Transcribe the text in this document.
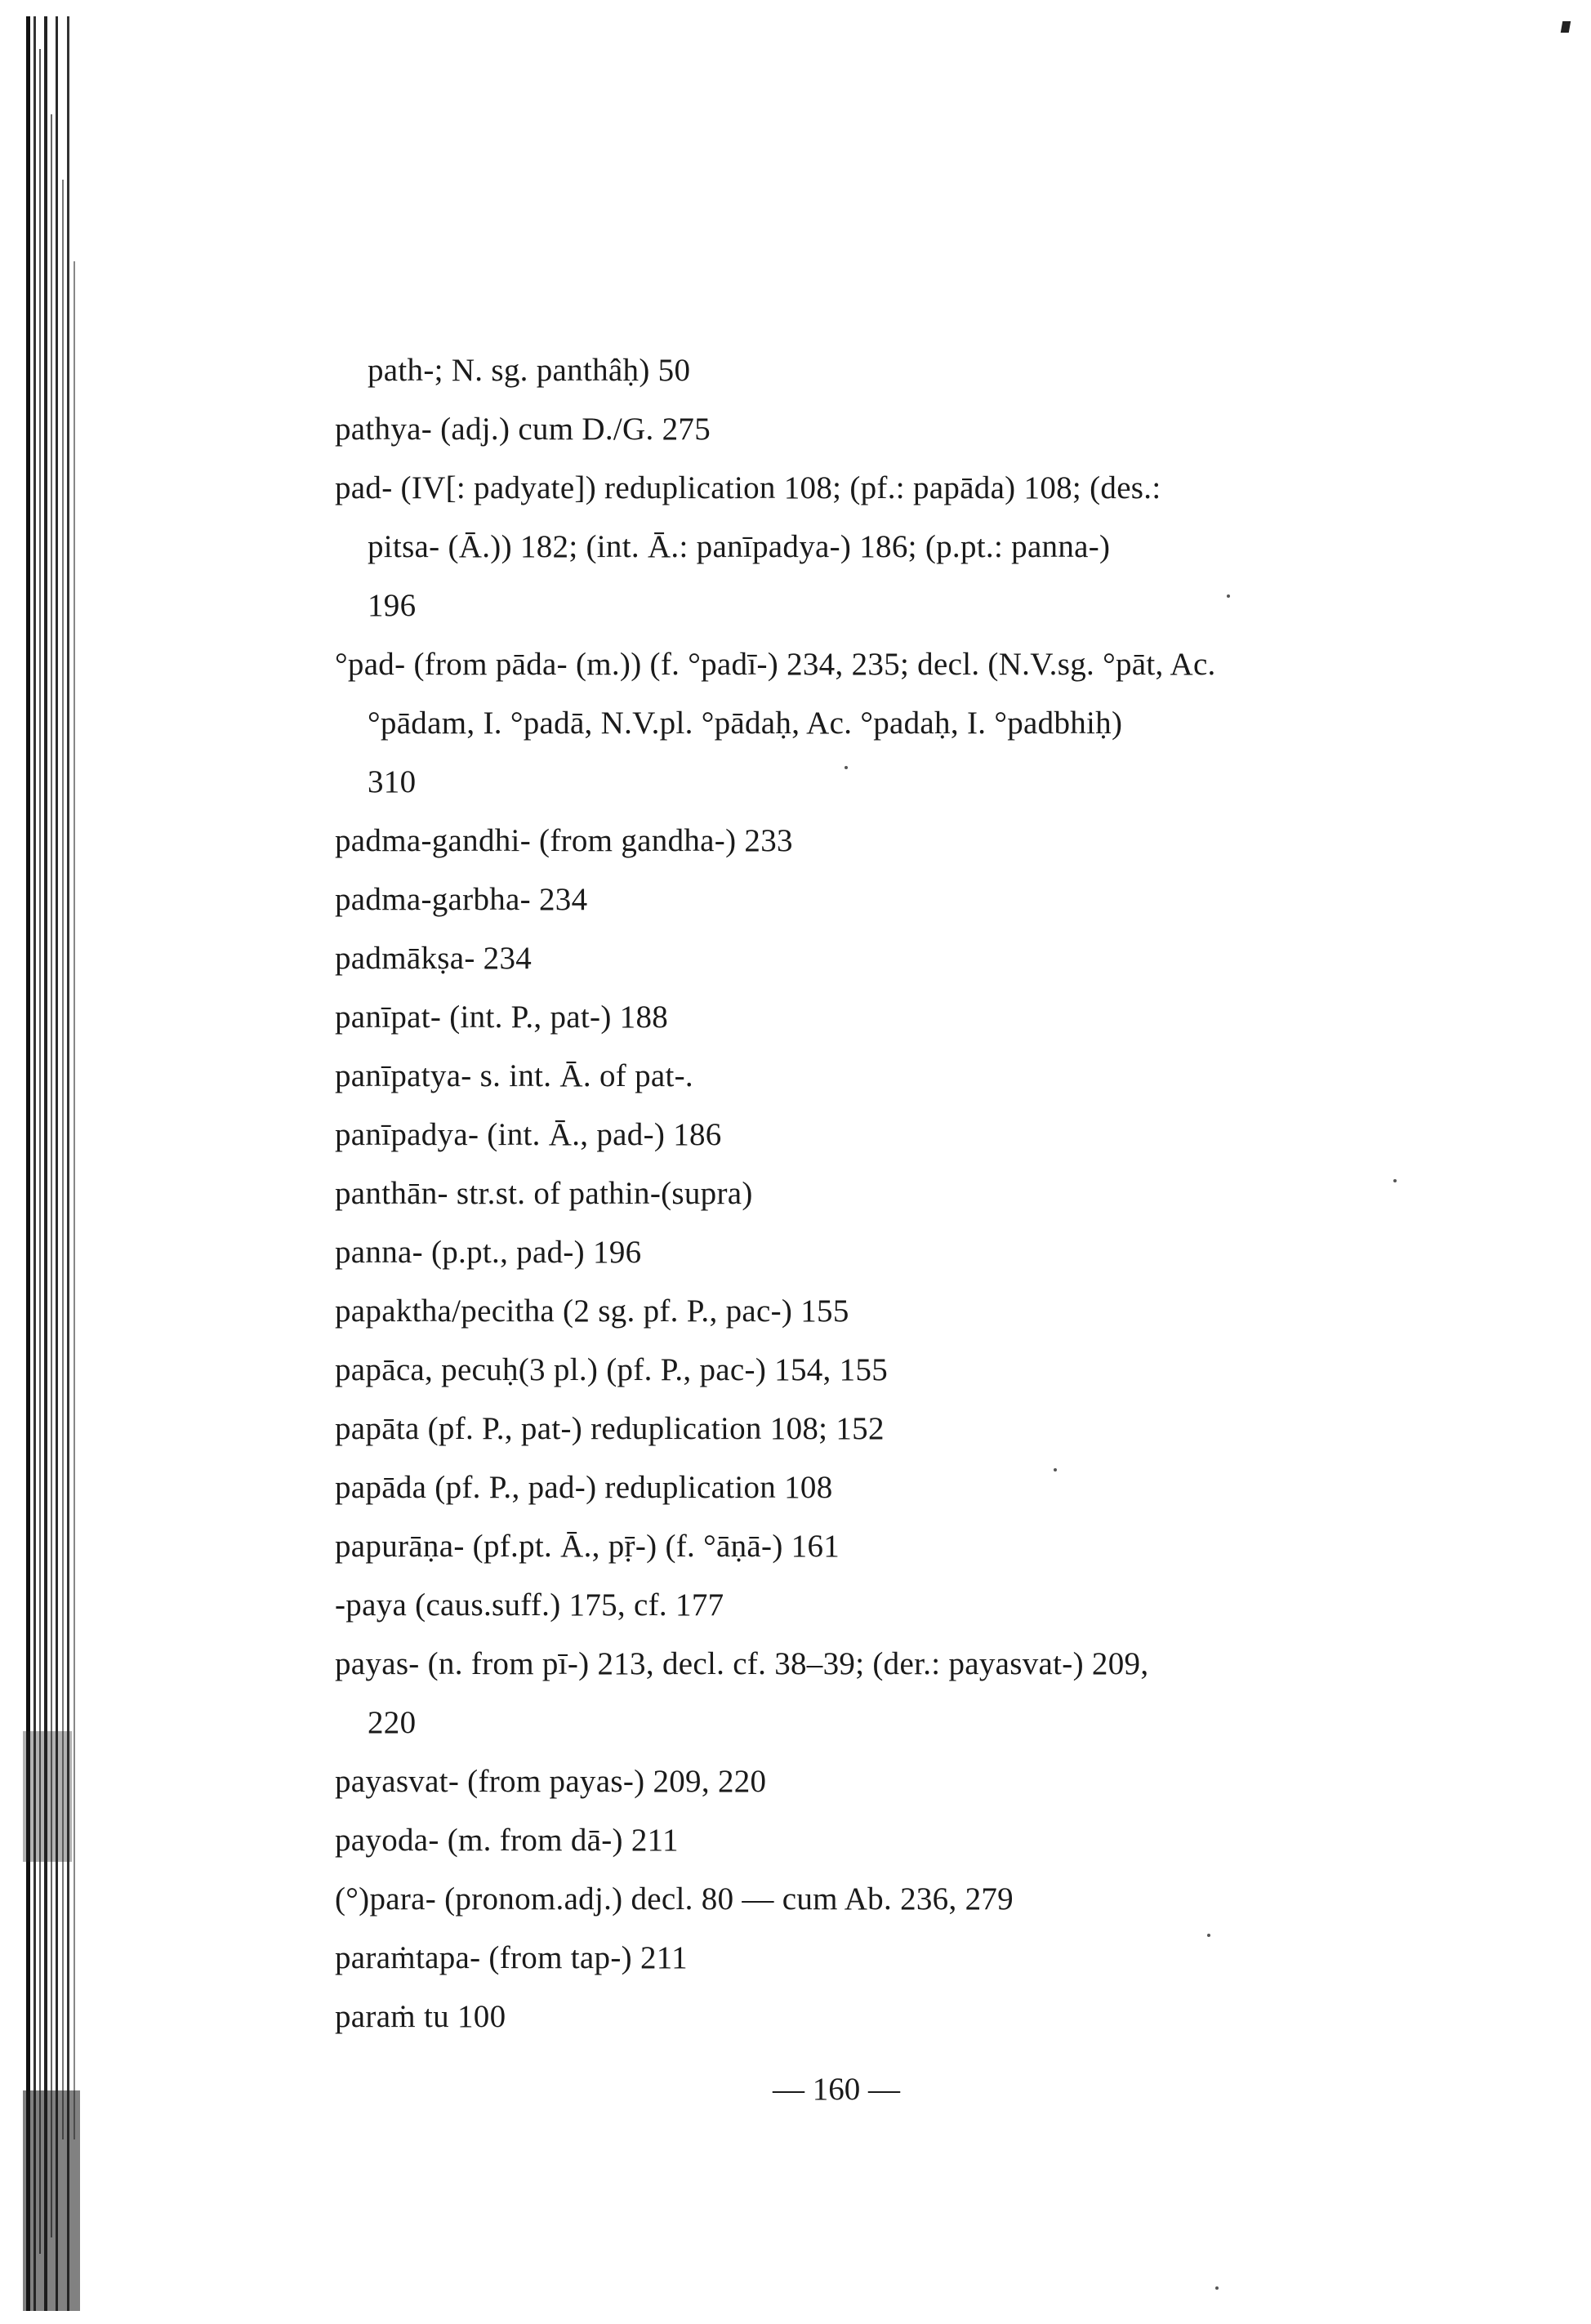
path-; N. sg. panthâḥ) 50
pathya- (adj.) cum D./G. 275
pad- (IV[: padyate]) reduplication 108; (pf.: papāda) 108; (des.:
pitsa- (Ā.)) 182; (int. Ā.: panīpadya-) 186; (p.pt.: panna-)
196
°pad- (from pāda- (m.)) (f. °padī-) 234, 235; decl. (N.V.sg. °pāt, Ac.
°pādam, I. °padā, N.V.pl. °pādaḥ, Ac. °padaḥ, I. °padbhiḥ)
310
padma-gandhi- (from gandha-) 233
padma-garbha- 234
padmākṣa- 234
panīpat- (int. P., pat-) 188
panīpatya- s. int. Ā. of pat-.
panīpadya- (int. Ā., pad-) 186
panthān- str.st. of pathin-(supra)
panna- (p.pt., pad-) 196
papaktha/pecitha (2 sg. pf. P., pac-) 155
papāca, pecuḥ(3 pl.) (pf. P., pac-) 154, 155
papāta (pf. P., pat-) reduplication 108; 152
papāda (pf. P., pad-) reduplication 108
papurāṇa- (pf.pt. Ā., pṝ-) (f. °āṇā-) 161
-paya (caus.suff.) 175, cf. 177
payas- (n. from pī-) 213, decl. cf. 38–39; (der.: payasvat-) 209,
220
payasvat- (from payas-) 209, 220
payoda- (m. from dā-) 211
(°)para- (pronom.adj.) decl. 80 — cum Ab. 236, 279
paraṁtapa- (from tap-) 211
paraṁ tu 100
— 160 —
